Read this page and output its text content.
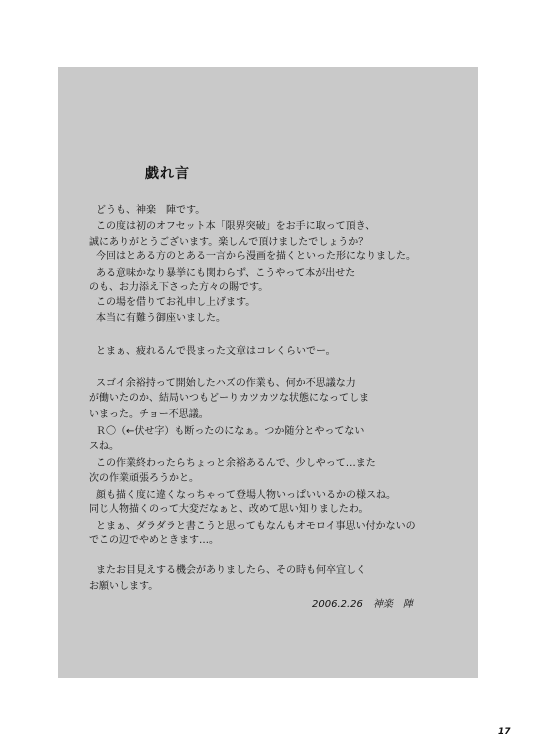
戯れ言

どうも、神楽　陣です。

この度は初のオフセット本「限界突破」をお手に取って頂き、

誠にありがとうございます。楽しんで頂けましたでしょうか？

今回はとある方のとある一言から漫画を描くといった形になりました。

ある意味かなり暴挙にも関わらず、こうやって本が出せた

のも、お力添え下さった方々の賜です。

この場を借りてお礼申し上げます。

本当に有難う御座いました。

とまぁ、疲れるんで畏まった文章はコレくらいでー。

スゴイ余裕持って開始したハズの作業も、何か不思議な力

が働いたのか、結局いつもどーりカツカツな状態になってしま

いまった。チョー不思議。

Ｒ〇（←伏せ字）も断ったのになぁ。つか随分とやってない

スね。

この作業終わったらちょっと余裕あるんで、少しやって…また

次の作業頑張ろうかと。

顔も描く度に違くなっちゃって登場人物いっぱいいるかの様スね。

同じ人物描くのって大変だなぁと、改めて思い知りましたわ。

とまぁ、ダラダラと書こうと思ってもなんもオモロイ事思い付かないの

でこの辺でやめときます…。

またお目見えする機会がありましたら、その時も何卒宜しく

お願いします。

2006.2.26　神楽　陣
17
